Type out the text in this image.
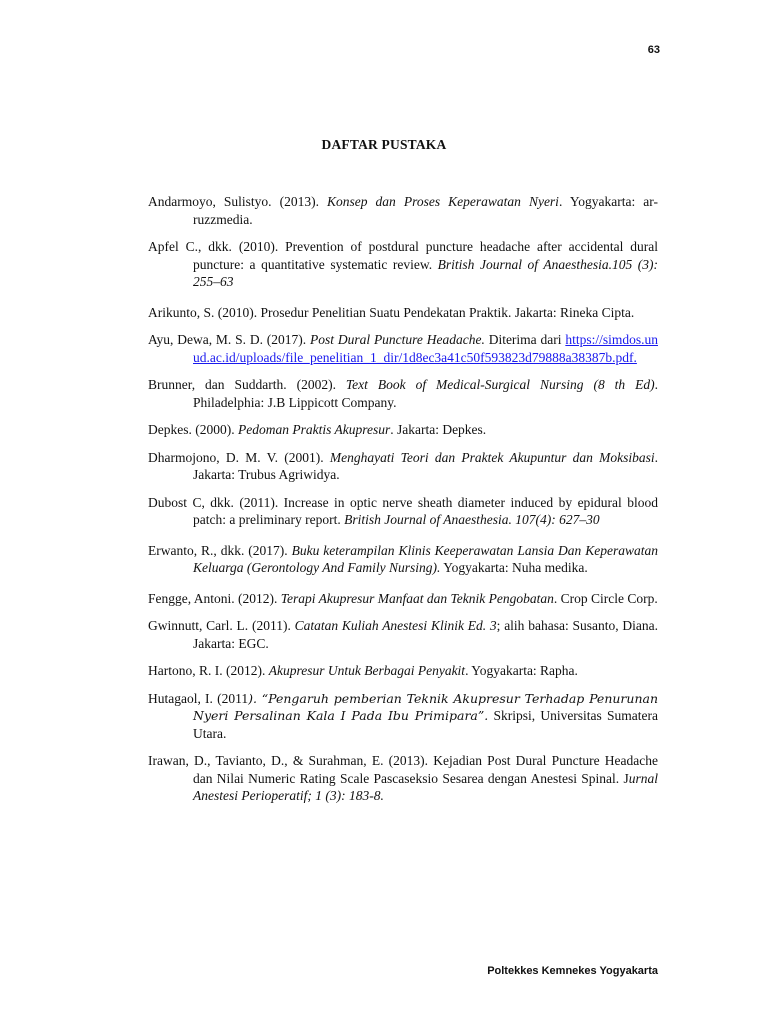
63
DAFTAR PUSTAKA

Andarmoyo, Sulistyo. (2013). Konsep dan Proses Keperawatan Nyeri. Yogyakarta: ar-ruzzmedia.

Apfel C., dkk. (2010). Prevention of postdural puncture headache after accidental dural puncture: a quantitative systematic review. British Journal of Anaesthesia.105 (3): 255–63

Arikunto, S. (2010). Prosedur Penelitian Suatu Pendekatan Praktik. Jakarta: Rineka Cipta.

Ayu, Dewa, M. S. D. (2017). Post Dural Puncture Headache. Diterima dari https://simdos.unud.ac.id/uploads/file_penelitian_1_dir/1d8ec3a41c50f593823d79888a38387b.pdf.

Brunner, dan Suddarth. (2002). Text Book of Medical-Surgical Nursing (8 th Ed). Philadelphia: J.B Lippicott Company.

Depkes. (2000). Pedoman Praktis Akupresur. Jakarta: Depkes.

Dharmojono, D. M. V. (2001). Menghayati Teori dan Praktek Akupuntur dan Moksibasi. Jakarta: Trubus Agriwidya.

Dubost C, dkk. (2011). Increase in optic nerve sheath diameter induced by epidural blood patch: a preliminary report. British Journal of Anaesthesia. 107(4): 627–30

Erwanto, R., dkk. (2017). Buku keterampilan Klinis Keeperawatan Lansia Dan Keperawatan Keluarga (Gerontology And Family Nursing). Yogyakarta: Nuha medika.

Fengge, Antoni. (2012). Terapi Akupresur Manfaat dan Teknik Pengobatan. Crop Circle Corp.

Gwinnutt, Carl. L. (2011). Catatan Kuliah Anestesi Klinik Ed. 3; alih bahasa: Susanto, Diana. Jakarta: EGC.

Hartono, R. I. (2012). Akupresur Untuk Berbagai Penyakit. Yogyakarta: Rapha.

Hutagaol, I. (2011). “Pengaruh pemberian Teknik Akupresur Terhadap Penurunan Nyeri Persalinan Kala I Pada Ibu Primipara”. Skripsi, Universitas Sumatera Utara.

Irawan, D., Tavianto, D., & Surahman, E. (2013). Kejadian Post Dural Puncture Headache dan Nilai Numeric Rating Scale Pascaseksio Sesarea dengan Anestesi Spinal. Jurnal Anestesi Perioperatif; 1 (3): 183-8.

Poltekkes Kemnekes Yogyakarta
